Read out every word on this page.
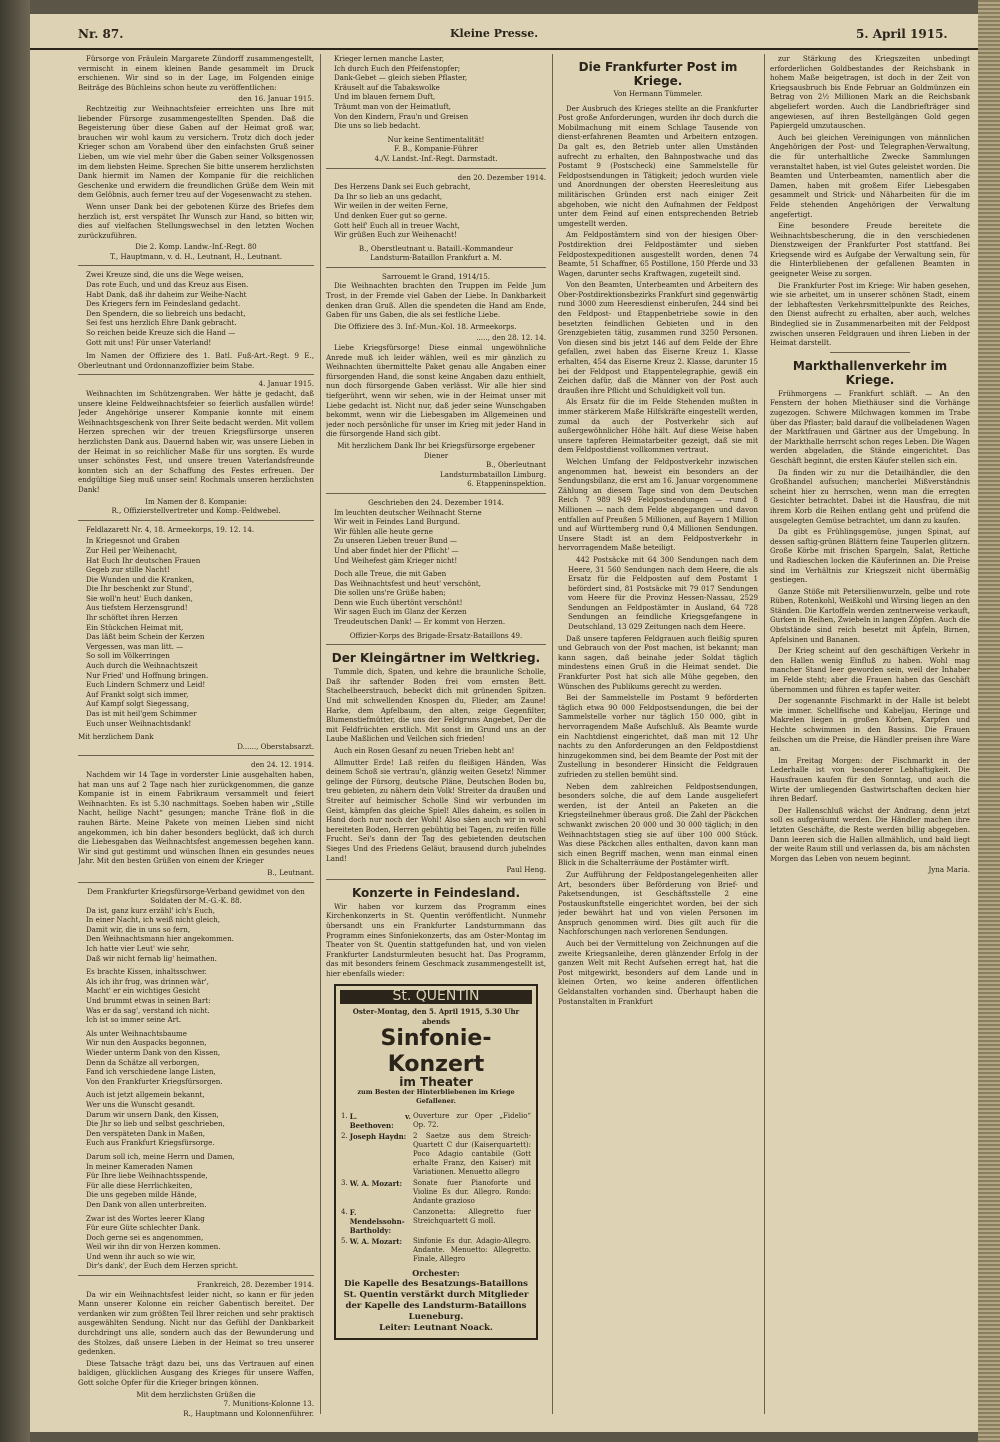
Nr. 87.	Kleine Presse.	5. April 1915.

Fürsorge von Fräulein Margarete Zündorff zusammengestellt, vermischt in einem kleinen Bande gesammelt im Druck erschienen. Wir sind so in der Lage, im Folgenden einige Beiträge des Büchleins schon heute zu veröffentlichen:

den 16. Januar 1915.

Rechtzeitig zur Weihnachtsfeier erreichten uns Ihre mit liebender Fürsorge zusammengestellten Spenden. Daß die Begeisterung über diese Gaben auf der Heimat groß war, brauchen wir wohl kaum zu versichern. Trotz dich doch jeder Krieger schon am Vorabend über den einfachsten Gruß seiner Lieben, um wie viel mehr über die Gaben seiner Volksgenossen im dem liebsten Heime. Sprechen Sie bitte unserem herzlichsten Dank hiermit im Namen der Kompanie für die reichlichen Geschenke und erwidern die freundlichen Grüße dem Wein mit dem Gelöbnis, auch ferner treu auf der Vogesenwacht zu stehen.

Wenn unser Dank bei der gebotenen Kürze des Briefes dem herzlich ist, erst verspätet Ihr Wunsch zur Hand, so bitten wir, dies auf vielfachen Stellungswechsel in den letzten Wochen zurückzuführen.

Die 2. Komp. Landw.-Inf.-Regt. 80
T., Hauptmann, v. d. H., Leutnant, H., Leutnant.
Zwei Kreuze sind, die uns die Wege weisen,
Das rote Euch, und und das Kreuz aus Eisen.
Habt Dank, daß ihr daheim zur Weihe-Nacht
Des Kriegers fern im Feindesland gedacht.
Den Spendern, die so liebreich uns bedacht,
Sei fest uns herzlich Ehre Dank gebracht.
So reichen beide Kreuze sich die Hand —
Gott mit uns! Für unser Vaterland!

Im Namen der Offiziere des 1. Batl. Fuß-Art.-Regt. 9 E., Oberleutnant und Ordonnanzoffizier beim Stabe.

4. Januar 1915.

Weihnachten im Schützengraben. Wer hätte je gedacht, daß unsere kleine Feldweihnachtsfeier so feierlich ausfallen würde! Jeder Angehörige unserer Kompanie konnte mit einem Weihnachtsgeschenk von Ihrer Seite bedacht werden. Mit vollem Herzen sprechen wir der treuen Kriegsfürsorge unseren herzlichsten Dank aus. Dauernd haben wir, was unsere Lieben in der Heimat in so reichlicher Maße für uns sorgten. Es wurde unser schönstes Fest, und unsere treuen Vaterlandsfreunde konnten sich an der Schaffung des Festes erfreuen. Der endgültige Sieg muß unser sein! Rochmals unseren herzlichsten Dank!

Im Namen der 8. Kompanie:
R., Offizierstellvertreter und Komp.-Feldwebel.

Feldlazarett Nr. 4, 18. Armeekorps, 19. 12. 14.

In Kriegesnot und Graben
Zur Heil per Weihenacht,
Hat Euch Ihr deutschen Frauen
Gegeb zur stille Nacht!
Die Wunden und die Kranken,
Die Ihr beschenkt zur Stund',
Sie woll'n heut' Euch danken,
Aus tiefstem Herzensgrund!
Ihr schöftet ihren Herzen
Ein Stückchen Heimat mit,
Das läßt beim Schein der Kerzen
Vergessen, was man litt. —
So soll im Völkerringen
Auch durch die Weihnachtszeit
Nur Fried' und Hoffnung bringen.
Euch Lindern Schmerz und Leid!
Auf Frankt solgt sich immer,
Auf Kampf solgt Siegessang,
Das ist mit heil'gem Schimmer
Euch unser Weihnachtsdank!
Mit herzlichem Dank
D......, Oberstabsarzt.
den 24. 12. 1914.

Nachdem wir 14 Tage in vorderster Linie ausgehalten haben, hat man uns auf 2 Tage nach hier zurückgenommen, die ganze Kompanie ist in einem Fabrikraum versammelt und feiert Weihnachten. Es ist 5.30 nachmittags. Soeben haben wir „Stille Nacht, heilige Nacht“ gesungen; manche Träne floß in die rauhen Bärte. Meine Pakete von meinen Lieben sind nicht angekommen, ich bin daher besonders beglückt, daß ich durch die Liebesgaben das Weihnachtsfest angemessen begehen kann. Wir sind gut gestimmt und wünschen Ihnen ein gesundes neues Jahr. Mit den besten Grüßen von einem der Krieger

B., Leutnant.
Dem Frankfurter Kriegsfürsorge-Verband gewidmet von den Soldaten der M.-G.-K. 88.
Da ist, ganz kurz erzähl' ich's Euch,
In einer Nacht, ich weiß nicht gleich,
Damit wir, die in uns so fern,
Den Weihnachtsmann hier angekommen.
Ich hatte vier Leut' wie sehr,
Daß wir nicht fernab lig' heimathen.
Es brachte Kissen, inhaltsschwer.
Als ich ihr frug, was drinnen wär',
Macht' er ein wichtiges Gesicht
Und brummt etwas in seinen Bart:
Was er da sag', verstand ich nicht.
Ich ist so immer seine Art.
Als unter Weihnachtsbaume
Wir nun den Auspacks begonnen,
Wieder unterm Dank von den Kissen,
Denn da Schätze all verborgen,
Fand ich verschiedene lange Listen,
Von den Frankfurter Kriegsfürsorgen.
Auch ist jetzt allgemein bekannt,
Wer uns die Wunscht gesandt.
Darum wir unsern Dank, den Kissen,
Die Jhr so lieb und selbst geschrieben,
Den verspäteten Dank in Maßen,
Euch aus Frankfurt Kriegsfürsorge.
Darum soll ich, meine Herrn und Damen,
In meiner Kameraden Namen
Für Ihre liebe Weihnachtsspende,
Für alle diese Herrlichkeiten,
Die uns gegeben milde Hände,
Den Dank von allen unterbreiten.
Zwar ist des Wortes leerer Klang
Für eure Güte schlechter Dank.
Doch gerne sei es angenommen,
Weil wir ihn dir von Herzen kommen.
Und wenn ihr auch so wie wir,
Dir's dank', der Euch dem Herzen spricht.
Frankreich, 28. Dezember 1914.

Da wir ein Weihnachtsfest leider nicht, so kann er für jeden Mann unserer Kolonne ein reicher Gabentisch bereitet. Der verdanken wir zum größten Teil Ihrer reichen und sehr praktisch ausgewählten Sendung. Nicht nur das Gefühl der Dankbarkeit durchdringt uns alle, sondern auch das der Bewunderung und des Stolzes, daß unsere Lieben in der Heimat so treu unserer gedenken.

Diese Tatsache trägt dazu bei, uns das Vertrauen auf einen baldigen, glücklichen Ausgang des Krieges für unsere Waffen, Gott solche Opfer für die Krieger bringen können.

Mit dem herzlichsten Grüßen die
7. Munitions-Kolonne 13.
R., Hauptmann und Kolonnenführer.
Krieger lernen manche Laster,
Ich durch Euch den Pfeifenstopfer;
Dank-Gebet — gleich sieben Pflaster,
Kräuselt auf die Tabakswolke
Und im blauen fernem Duft,
Träumt man von der Heimatluft,
Von den Kindern, Frau'n und Greisen
Die uns so lieb bedacht.
Nur keine Sentimentalität!
F. B., Kompanie-Führer
4./V. Landst.-Inf.-Regt. Darmstadt.
den 20. Dezember 1914.
Des Herzens Dank sei Euch gebracht,
Da Ihr so lieb an uns gedacht,
Wir weilen in der weiten Ferne,
Und denken Euer gut so gerne.
Gott helf' Euch all in treuer Wacht,
Wir grüßen Euch zur Weihenacht!
B., Oberstleutnant u. Bataill.-Kommandeur
Landsturm-Bataillon Frankfurt a. M.
Sarrouemt le Grand, 1914/15.

Die Weihnachten brachten den Truppen im Felde Jum Trost, in der Fremde viel Gaben der Liebe. In Dankbarkeit denken dran Gruß. Allen die spendeten die Hand am Ende, Gaben für uns Gaben, die als sei festliche Liebe.

Die Offiziere des 3. Inf.-Mun.-Kol. 18. Armeekorps.

....., den 28. 12. 14.

Liebe Kriegsfürsorge! Diese einmal ungewöhnliche Anrede muß ich leider wählen, weil es mir gänzlich zu Weihnachten übermittelte Paket genau alle Angaben einer fürsorgenden Hand, die sonst keine Angaben dazu enthielt, nun doch fürsorgende Gaben verlässt. Wir alle hier sind tiefgerührt, wenn wir sehen, wie in der Heimat unser mit Liebe gedacht ist. Nicht nur, daß jeder seine Wunschgaben bekommt, wenn wir die Liebesgaben im Allgemeinen und jeder noch persönliche für unser im Krieg mit jeder Hand in die fürsorgende Hand sich gibt.

Mit herzlichem Dank Ihr bei Kriegsfürsorge ergebener Diener
B., Oberleutnant
Landsturmbataillon Limburg.
6. Etappeninspektion.
Geschrieben den 24. Dezember 1914.
Im leuchten deutscher Weihnacht Sterne
Wir weit in Feindes Land Burgund.
Wir fühlen alle heute gerne
Zu unseren Lieben treuer Bund —
Und aber findet hier der Pflicht' —
Und Weihefest gäm Krieger nicht!
Doch alle Treue, die mit Gaben
Das Weihnachtsfest und heut' verschönt,
Die sollen uns're Grüße haben;
Denn wie Euch übertönt verschönt!
Wir sagen Euch im Glanz der Kerzen
Treudeutschen Dank! — Er kommt von Herzen.
Offizier-Korps des Brigade-Ersatz-Bataillons 49.
Der Kleingärtner im Weltkrieg.

Tummle dich, Spaten, und kehre die braunliche Scholle, Daß ihr saftender Boden frei vom ernsten Bett. Stachelbeerstrauch, bebeckt dich mit grünenden Spitzen. Und mit schwellenden Knospen du, Flieder, am Zaune! Harke, dem Apfelbaum, den alten, zeige Gegenfilter, Blumenstiefmütter, die uns der Feldgruns Angebet, Der die mit Feldfrüchten erstlich. Mit sonst im Grund uns an der Laube Maßlichen und Veilchen sich frieden!

Auch ein Rosen Gesanf zu neuen Trieben hebt an!

Allmutter Erde! Laß reifen du fleißigen Händen, Was deinem Schoß sie vertrau'n, glänzig weiten Gesetz! Nimmer gelinge der Fürsorg, deutsche Pläne, Deutschen Boden bu, treu gebieten, zu nähern dein Volk! Streiter da draußen und Streiter auf heimischer Scholle Sind wir verbunden im Geist, kämpfen das gleiche Spiel! Alles daheim, es sollen in Hand doch nur noch der Wohl! Also säen auch wir in wohl bereiteten Boden, Herren gebühtig bei Tagen, zu reifen fülle Frucht. Sei's dann der Tag des gebietenden deutschen Sieges Und des Friedens Geläut, brausend durch jubelndes Land!

Paul Heng.
Konzerte in Feindesland.

Wir haben vor kurzem das Programm eines Kirchenkonzerts in St. Quentin veröffentlicht. Nunmehr übersandt uns ein Frankfurter Landsturmmann das Programm eines Sinfoniekonzerts, das am Oster-Montag im Theater von St. Quentin stattgefunden hat, und von vielen Frankfurter Landsturmleuten besucht hat. Das Programm, das mit besonders feinem Geschmack zusammengestellt ist, hier ebenfalls wieder:

St. QUENTIN
Oster-Montag, den 5. April 1915, 5.30 Uhr abends
Sinfonie-Konzert
im Theater
zum Besten der Hinterbliebenen im Kriege Gefallener.
1.	L. v. Beethoven:	Ouverture zur Oper „Fidelio“ Op. 72.
2.	Joseph Haydn:	2 Saetze aus dem Streich-Quartett C dur (Kaiserquartett): Poco Adagio cantabile (Gott erhalte Franz, den Kaiser) mit Variationen. Menuetto allegro
3.	W. A. Mozart:	Sonate fuer Pianoforte und Violine Es dur. Allegro. Rondo: Andante grazioso
4.	F. Mendelssohn-Bartholdy:	Canzonetta: Allegretto fuer Streichquartett G moll.
5.	W. A. Mozart:	Sinfonie Es dur. Adagio-Allegro. Andante. Menuetto: Allegretto. Finale, Allegro
Orchester:
Die Kapelle des Besatzungs-Bataillons St. Quentin verstärkt durch Mitglieder der Kapelle des Landsturm-Bataillons Lueneburg.
Leiter: Leutnant Noack.
Die Frankfurter Post im Kriege.
Von Hermann Tümmeler.

Der Ausbruch des Krieges stellte an die Frankfurter Post große Anforderungen, wurden ihr doch durch die Mobilmachung mit einem Schlage Tausende von dienst-erfahrenen Beamten und Arbeitern entzogen. Da galt es, den Betrieb unter allen Umständen aufrecht zu erhalten, den Bahnpostwache und das Postamt 9 (Postscheck) eine Sammelstelle für Feldpostsendungen in Tätigkeit; jedoch wurden viele und Anordnungen der obersten Heeresleitung aus militärischen Gründen erst nach einiger Zeit abgehoben, wie nicht den Aufnahmen der Feldpost unter dem Feind auf einen entsprechenden Betrieb umgestellt werden.

Am Feldpostämtern sind von der hiesigen Ober-Postdirektion drei Feldpostämter und sieben Feldpostexpeditionen ausgestellt worden, denen 74 Beamte, 51 Schaffner, 65 Postillone, 150 Pferde und 33 Wagen, darunter sechs Kraftwagen, zugeteilt sind.

Von den Beamten, Unterbeamten und Arbeitern des Ober-Postdirektionsbezirks Frankfurt sind gegenwärtig rund 3000 zum Heeresdienst einberufen, 244 sind bei den Feldpost- und Etappenbetriebe sowie in den besetzten feindlichen Gebieten und in den Grenzgebieten tätig, zusammen rund 3250 Personen. Von diesen sind bis jetzt 146 auf dem Felde der Ehre gefallen, zwei haben das Eiserne Kreuz 1. Klasse erhalten, 454 das Eiserne Kreuz 2. Klasse, darunter 15 bei der Feldpost und Etappentelegraphie, gewiß ein Zeichen dafür, daß die Männer von der Post auch draußen ihre Pflicht und Schuldigkeit voll tun.

Als Ersatz für die im Felde Stehenden mußten in immer stärkerem Maße Hilfskräfte eingestellt werden, zumal da auch der Postverkehr sich auf außergewöhnlicher Höhe hält. Auf diese Weise haben unsere tapferen Heimatarbeiter gezeigt, daß sie mit dem Feldpostdienst vollkommen vertraut.

Welchen Umfang der Feldpostverkehr inzwischen angenommen hat, beweist ein besonders an der Sendungsbilanz, die erst am 16. Januar vorgenommene Zählung an diesem Tage sind von dem Deutschen Reich 7 989 949 Feldpostsendungen — rund 8 Millionen — nach dem Felde abgegangen und davon entfallen auf Preußen 5 Millionen, auf Bayern 1 Million und auf Württemberg rund 0,4 Millionen Sendungen. Unsere Stadt ist an dem Feldpostverkehr in hervorragendem Maße beteiligt.

442 Postsäcke mit 64 300 Sendungen nach dem Heere, 31 560 Sendungen nach dem Heere, die als Ersatz für die Feldposten auf dem Postamt 1 befördert sind, 81 Postsäcke mit 79 017 Sendungen vom Heere für die Provinz Hessen-Nassau, 2529 Sendungen an Feldpostämter in Ausland, 64 728 Sendungen an feindliche Kriegsgefangene in Deutschland, 13 029 Zeitungen nach dem Heere.

Daß unsere tapferen Feldgrauen auch fleißig spuren und Gebrauch von der Post machen, ist bekannt; man kann sagen, daß beinahe jeder Soldat täglich mindestens einen Gruß in die Heimat sendet. Die Frankfurter Post hat sich alle Mühe gegeben, den Wünschen des Publikums gerecht zu werden.

Bei der Sammelstelle im Postamt 9 beförderten täglich etwa 90 000 Feldpostsendungen, die bei der Sammelstelle vorher nur täglich 150 000, gibt in hervorragendem Maße Aufschluß. Als Beamte wurde ein Nachtdienst eingerichtet, daß man mit 12 Uhr nachts zu den Anforderungen an den Feldpostdienst hinzugekommen sind, bei dem Beamte der Post mit der Zustellung in besonderer Hinsicht die Feldgrauen zufrieden zu stellen bemüht sind.

Neben dem zahlreichen Feldpostsendungen, besonders solche, die auf dem Lande ausgeliefert werden, ist der Anteil an Paketen an die Kriegsteilnehmer überaus groß. Die Zahl der Päckchen schwankt zwischen 20 000 und 30 000 täglich; in den Weihnachtstagen stieg sie auf über 100 000 Stück. Was diese Päckchen alles enthalten, davon kann man sich einen Begriff machen, wenn man einmal einen Blick in die Schalterräume der Postämter wirft.

Zur Aufführung der Feldpostangelegenheiten aller Art, besonders über Beförderung von Brief- und Paketsendungen, ist Geschäftsstelle 2 eine Postauskunftstelle eingerichtet worden, bei der sich jeder bewährt hat und von vielen Personen im Anspruch genommen wird. Dies gilt auch für die Nachforschungen nach verlorenen Sendungen.

Auch bei der Vermittelung von Zeichnungen auf die zweite Kriegsanleihe, deren glänzender Erfolg in der ganzen Welt mit Recht Aufsehen erregt hat, hat die Post mitgewirkt, besonders auf dem Lande und in kleinen Orten, wo keine anderen öffentlichen Geldanstalten vorhanden sind. Überhaupt haben die Postanstalten in Frankfurt

zur Stärkung des Kriegszeiten unbedingt erforderlichen Goldbestandes der Reichsbank in hohem Maße beigetragen, ist doch in der Zeit von Kriegsausbruch bis Ende Februar an Goldmünzen ein Betrag von 2½ Millionen Mark an die Reichsbank abgeliefert worden. Auch die Landbriefträger sind angewiesen, auf ihren Bestellgängen Gold gegen Papiergeld umzutauschen.

Auch bei gleichen Vereinigungen von männlichen Angehörigen der Post- und Telegraphen-Verwaltung, die für unterhaltliche Zwecke Sammlungen veranstaltet haben, ist viel Gutes geleistet worden. Die Beamten und Unterbeamten, namentlich aber die Damen, haben mit großem Eifer Liebesgaben gesammelt und Strick- und Näharbeiten für die im Felde stehenden Angehörigen der Verwaltung angefertigt.

Eine besondere Freude bereitete die Weihnachtsbescherung, die in den verschiedenen Dienstzweigen der Frankfurter Post stattfand. Bei Kriegsende wird es Aufgabe der Verwaltung sein, für die Hinterbliebenen der gefallenen Beamten in geeigneter Weise zu sorgen.

Die Frankfurter Post im Kriege: Wir haben gesehen, wie sie arbeitet, um in unserer schönen Stadt, einem der lebhaftesten Verkehrsmittelpunkte des Reiches, den Dienst aufrecht zu erhalten, aber auch, welches Bindeglied sie in Zusammenarbeiten mit der Feldpost zwischen unseren Feldgrauen und ihren Lieben in der Heimat darstellt.

Markthallenverkehr im Kriege.

Frühmorgens — Frankfurt schläft. — An den Fenstern der hohen Miethäuser sind die Vorhänge zugezogen. Schwere Milchwagen kommen im Trabe über das Pflaster; bald darauf die vollbeladenen Wagen der Marktfrauen und Gärtner aus der Umgebung. In der Markthalle herrscht schon reges Leben. Die Wagen werden abgeladen, die Stände eingerichtet. Das Geschäft beginnt, die ersten Käufer stellen sich ein.

Da finden wir zu nur die Detailhändler, die den Großhandel aufsuchen; mancherlei Mißverständnis scheint hier zu herrschen, wenn man die erregten Gesichter betrachtet. Dabei ist die Hausfrau, die mit ihrem Korb die Reihen entlang geht und prüfend die ausgelegten Gemüse betrachtet, um dann zu kaufen.

Da gibt es Frühlingsgemüse, jungen Spinat, auf dessen saftig-grünen Blättern feine Tauperlen glitzern. Große Körbe mit frischen Spargeln, Salat, Rettiche und Radieschen locken die Käuferinnen an. Die Preise sind im Verhältnis zur Kriegszeit nicht übermäßig gestiegen.

Ganze Stöße mit Petersilienwurzeln, gelbe und rote Rüben, Rotenkohl, Weißkohl und Wirsing liegen an den Ständen. Die Kartoffeln werden zentnerweise verkauft, Gurken in Reihen, Zwiebeln in langen Zöpfen. Auch die Obststände sind reich besetzt mit Äpfeln, Birnen, Apfelsinen und Bananen.

Der Krieg scheint auf den geschäftigen Verkehr in den Hallen wenig Einfluß zu haben. Wohl mag mancher Stand leer geworden sein, weil der Inhaber im Felde steht; aber die Frauen haben das Geschäft übernommen und führen es tapfer weiter.

Der sogenannte Fischmarkt in der Halle ist belebt wie immer. Schellfische und Kabeljau, Heringe und Makrelen liegen in großen Körben, Karpfen und Hechte schwimmen in den Bassins. Die Frauen feilschen um die Preise, die Händler preisen ihre Ware an.

Im Freitag Morgen: der Fischmarkt in der Lederhalle ist von besonderer Lebhaftigkeit. Die Hausfrauen kaufen für den Sonntag, und auch die Wirte der umliegenden Gastwirtschaften decken hier ihren Bedarf.

Der Hallenschluß wächst der Andrang, denn jetzt soll es aufgeräumt werden. Die Händler machen ihre letzten Geschäfte, die Reste werden billig abgegeben. Dann leeren sich die Hallen allmählich, und bald liegt der weite Raum still und verlassen da, bis am nächsten Morgen das Leben von neuem beginnt.

Jyna Maria.
